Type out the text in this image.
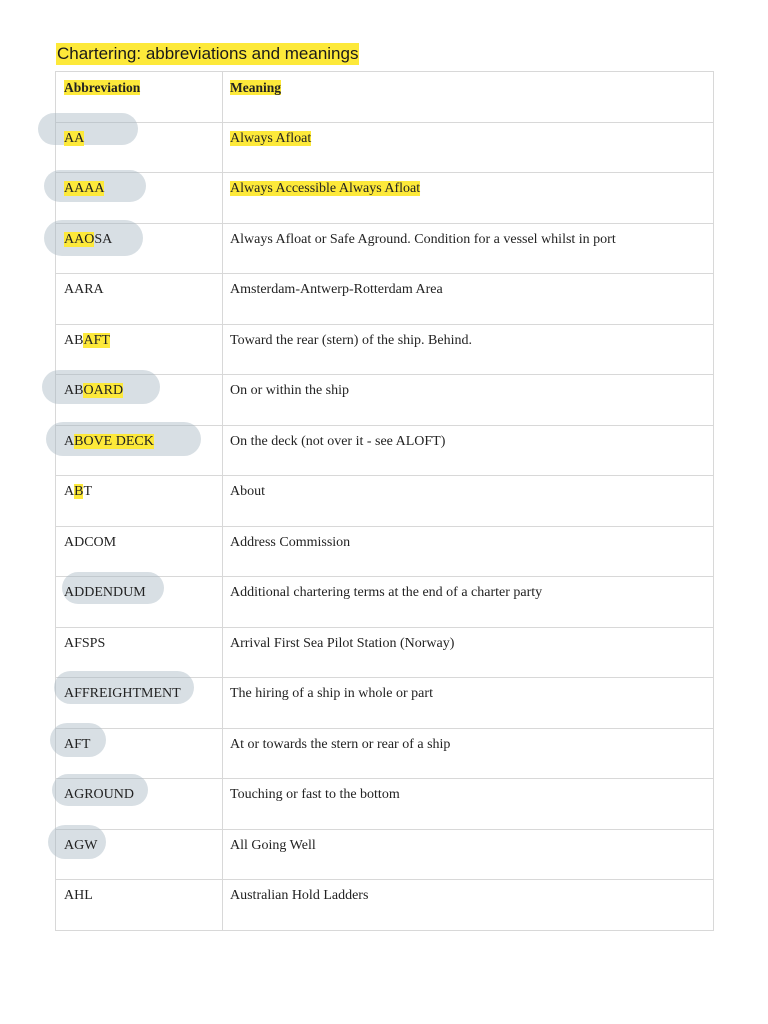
Chartering: abbreviations and meanings
Abbreviation	Meaning
AA	Always Afloat
AAAA	Always Accessible Always Afloat
AAOSA	Always Afloat or Safe Aground. Condition for a vessel whilst in port
AARA	Amsterdam-Antwerp-Rotterdam Area
ABAFT	Toward the rear (stern) of the ship. Behind.
ABOARD	On or within the ship
ABOVE DECK	On the deck (not over it - see ALOFT)
ABT	About
ADCOM	Address Commission
ADDENDUM	Additional chartering terms at the end of a charter party
AFSPS	Arrival First Sea Pilot Station (Norway)
AFFREIGHTMENT	The hiring of a ship in whole or part
AFT	At or towards the stern or rear of a ship
AGROUND	Touching or fast to the bottom
AGW	All Going Well
AHL	Australian Hold Ladders
